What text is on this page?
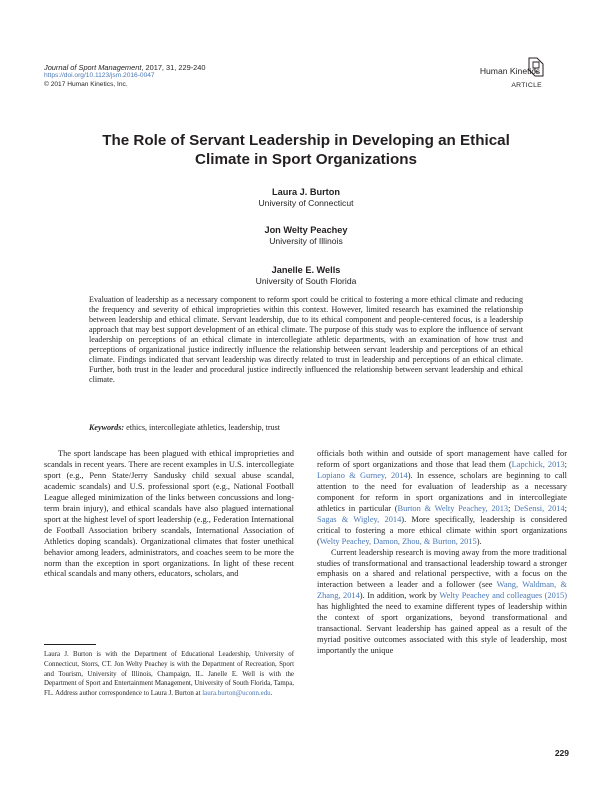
Journal of Sport Management, 2017, 31, 229-240
https://doi.org/10.1123/jsm.2016-0047
© 2017 Human Kinetics, Inc.
Human Kinetics
ARTICLE
The Role of Servant Leadership in Developing an Ethical
Climate in Sport Organizations
Laura J. Burton
University of Connecticut
Jon Welty Peachey
University of Illinois
Evaluation of leadership as a necessary component to reform sport could be critical to fostering a more ethical climate and reducing the frequency and severity of ethical improprieties within this context. However, limited research has examined the relationship between leadership and ethical climate. Servant leadership, due to its ethical component and people-centered focus, is a leadership approach that may best support development of an ethical climate. The purpose of this study was to explore the influence of servant leadership on perceptions of an ethical climate in intercollegiate athletic departments, with an examination of how trust and perceptions of organizational justice indirectly influence the relationship between servant leadership and perceptions of an ethical climate. Findings indicated that servant leadership was directly related to trust in leadership and perceptions of an ethical climate. Further, both trust in the leader and procedural justice indirectly influenced the relationship between servant leadership and ethical climate.
Keywords: ethics, intercollegiate athletics, leadership, trust

The sport landscape has been plagued with ethical improprieties and scandals in recent years. There are recent examples in U.S. intercollegiate sport (e.g., Penn State/Jerry Sandusky child sexual abuse scandal, academic scandals) and U.S. professional sport (e.g., National Football League alleged minimization of the links between concussions and long-term brain injury), and ethical scandals have also plagued international sport at the highest level of sport leadership (e.g., Federation International de Football Association bribery scandals, International Association of Athletics doping scandals). Organizational climates that foster unethical behavior among leaders, administrators, and coaches seem to be more the norm than the exception in sport organizations. In light of these recent ethical scandals and many others, educators, scholars, and

officials both within and outside of sport management have called for reform of sport organizations and those that lead them (Lapchick, 2013; Lopiano & Gurney, 2014). In essence, scholars are beginning to call attention to the need for evaluation of leadership as a necessary component for reform in sport organizations and in intercollegiate athletics in particular (Burton & Welty Peachey, 2013; DeSensi, 2014; Sagas & Wigley, 2014). More specifically, leadership is considered critical to fostering a more ethical climate within sport organizations (Welty Peachey, Damon, Zhou, & Burton, 2015).

Current leadership research is moving away from the more traditional studies of transformational and transactional leadership toward a stronger emphasis on a shared and relational perspective, with a focus on the interaction between a leader and a follower (see Wang, Waldman, & Zhang, 2014). In addition, work by Welty Peachey and colleagues (2015) has highlighted the need to examine different types of leadership within the context of sport organizations, beyond transformational and transactional. Servant leadership has gained appeal as a result of the myriad positive outcomes associated with this style of leadership, most importantly the unique

Laura J. Burton is with the Department of Educational Leadership, University of Connecticut, Storrs, CT. Jon Welty Peachey is with the Department of Recreation, Sport and Tourism, University of Illinois, Champaign, IL. Janelle E. Well is with the Department of Sport and Entertainment Management, University of South Florida, Tampa, FL. Address author correspondence to Laura J. Burton at laura.burton@uconn.edu.
229
Janelle E. Wells
University of South Florida
